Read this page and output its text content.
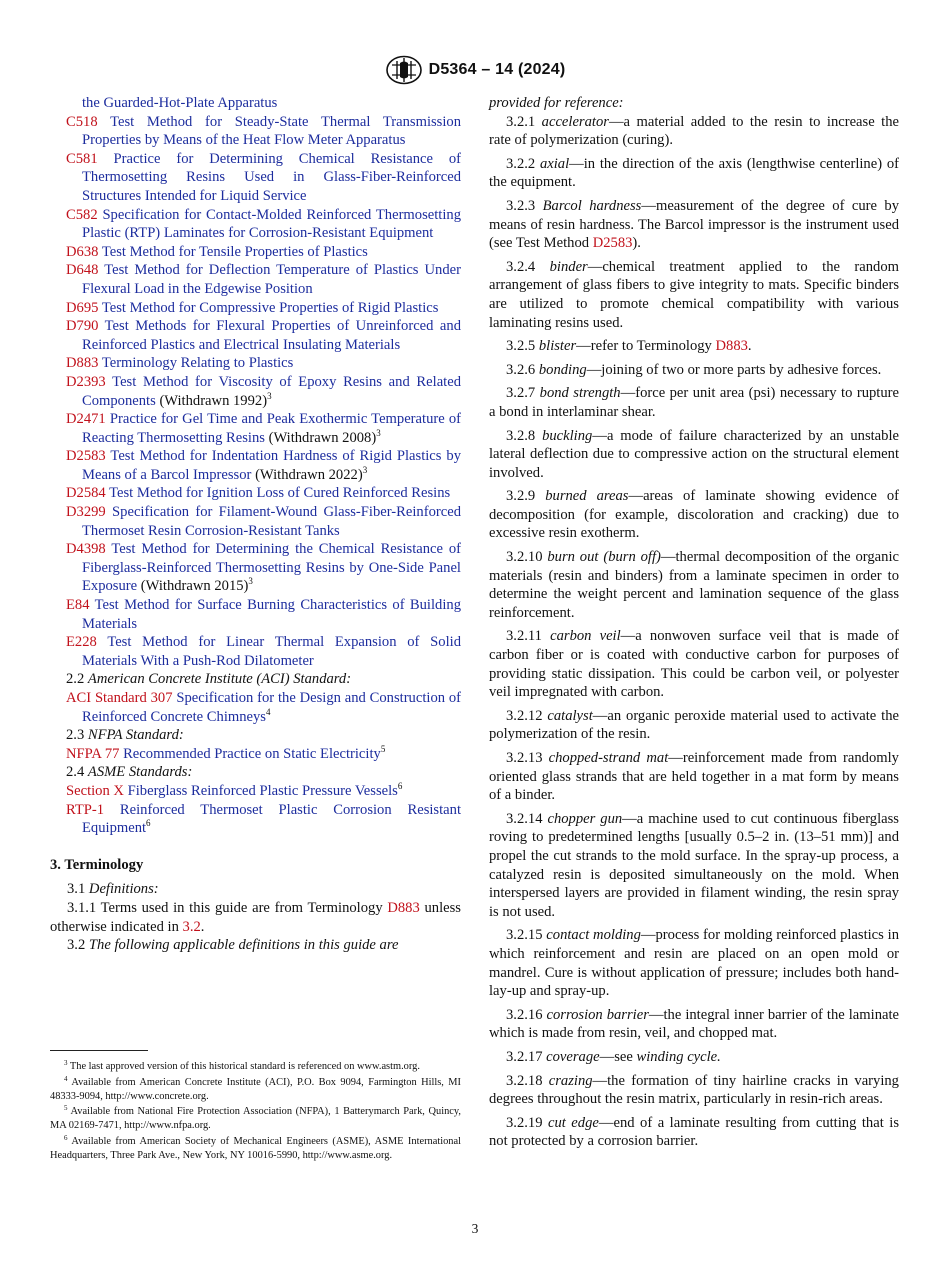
D5364 – 14 (2024)
the Guarded-Hot-Plate Apparatus
C518 Test Method for Steady-State Thermal Transmission Properties by Means of the Heat Flow Meter Apparatus
C581 Practice for Determining Chemical Resistance of Thermosetting Resins Used in Glass-Fiber-Reinforced Structures Intended for Liquid Service
C582 Specification for Contact-Molded Reinforced Thermosetting Plastic (RTP) Laminates for Corrosion-Resistant Equipment
D638 Test Method for Tensile Properties of Plastics
D648 Test Method for Deflection Temperature of Plastics Under Flexural Load in the Edgewise Position
D695 Test Method for Compressive Properties of Rigid Plastics
D790 Test Methods for Flexural Properties of Unreinforced and Reinforced Plastics and Electrical Insulating Materials
D883 Terminology Relating to Plastics
D2393 Test Method for Viscosity of Epoxy Resins and Related Components (Withdrawn 1992)$^3$
D2471 Practice for Gel Time and Peak Exothermic Temperature of Reacting Thermosetting Resins (Withdrawn 2008)$^3$
D2583 Test Method for Indentation Hardness of Rigid Plastics by Means of a Barcol Impressor (Withdrawn 2022)$^3$
D2584 Test Method for Ignition Loss of Cured Reinforced Resins
D3299 Specification for Filament-Wound Glass-Fiber-Reinforced Thermoset Resin Corrosion-Resistant Tanks
D4398 Test Method for Determining the Chemical Resistance of Fiberglass-Reinforced Thermosetting Resins by One-Side Panel Exposure (Withdrawn 2015)$^3$
E84 Test Method for Surface Burning Characteristics of Building Materials
E228 Test Method for Linear Thermal Expansion of Solid Materials With a Push-Rod Dilatometer
2.2 American Concrete Institute (ACI) Standard:
ACI Standard 307 Specification for the Design and Construction of Reinforced Concrete Chimneys$^4$
2.3 NFPA Standard:
NFPA 77 Recommended Practice on Static Electricity$^5$
2.4 ASME Standards:
Section X Fiberglass Reinforced Plastic Pressure Vessels$^6$
RTP-1 Reinforced Thermoset Plastic Corrosion Resistant Equipment$^6$
3. Terminology
3.1 Definitions:
3.1.1 Terms used in this guide are from Terminology D883 unless otherwise indicated in 3.2.
3.2 The following applicable definitions in this guide are
provided for reference:
3.2.1 accelerator—a material added to the resin to increase the rate of polymerization (curing).
3.2.2 axial—in the direction of the axis (lengthwise centerline) of the equipment.
3.2.3 Barcol hardness—measurement of the degree of cure by means of resin hardness. The Barcol impressor is the instrument used (see Test Method D2583).
3.2.4 binder—chemical treatment applied to the random arrangement of glass fibers to give integrity to mats. Specific binders are utilized to promote chemical compatibility with various laminating resins used.
3.2.5 blister—refer to Terminology D883.
3.2.6 bonding—joining of two or more parts by adhesive forces.
3.2.7 bond strength—force per unit area (psi) necessary to rupture a bond in interlaminar shear.
3.2.8 buckling—a mode of failure characterized by an unstable lateral deflection due to compressive action on the structural element involved.
3.2.9 burned areas—areas of laminate showing evidence of decomposition (for example, discoloration and cracking) due to excessive resin exotherm.
3.2.10 burn out (burn off)—thermal decomposition of the organic materials (resin and binders) from a laminate specimen in order to determine the weight percent and lamination sequence of the glass reinforcement.
3.2.11 carbon veil—a nonwoven surface veil that is made of carbon fiber or is coated with conductive carbon for purposes of providing static dissipation. This could be carbon veil, or polyester veil impregnated with carbon.
3.2.12 catalyst—an organic peroxide material used to activate the polymerization of the resin.
3.2.13 chopped-strand mat—reinforcement made from randomly oriented glass strands that are held together in a mat form by means of a binder.
3.2.14 chopper gun—a machine used to cut continuous fiberglass roving to predetermined lengths [usually 0.5–2 in. (13–51 mm)] and propel the cut strands to the mold surface. In the spray-up process, a catalyzed resin is deposited simultaneously on the mold. When interspersed layers are provided in filament winding, the resin spray is not used.
3.2.15 contact molding—process for molding reinforced plastics in which reinforcement and resin are placed on an open mold or mandrel. Cure is without application of pressure; includes both hand-lay-up and spray-up.
3.2.16 corrosion barrier—the integral inner barrier of the laminate which is made from resin, veil, and chopped mat.
3.2.17 coverage—see winding cycle.
3.2.18 crazing—the formation of tiny hairline cracks in varying degrees throughout the resin matrix, particularly in resin-rich areas.
3.2.19 cut edge—end of a laminate resulting from cutting that is not protected by a corrosion barrier.
$^3$ The last approved version of this historical standard is referenced on www.astm.org.
$^4$ Available from American Concrete Institute (ACI), P.O. Box 9094, Farmington Hills, MI 48333-9094, http://www.concrete.org.
$^5$ Available from National Fire Protection Association (NFPA), 1 Batterymarch Park, Quincy, MA 02169-7471, http://www.nfpa.org.
$^6$ Available from American Society of Mechanical Engineers (ASME), ASME International Headquarters, Three Park Ave., New York, NY 10016-5990, http://www.asme.org.
3
